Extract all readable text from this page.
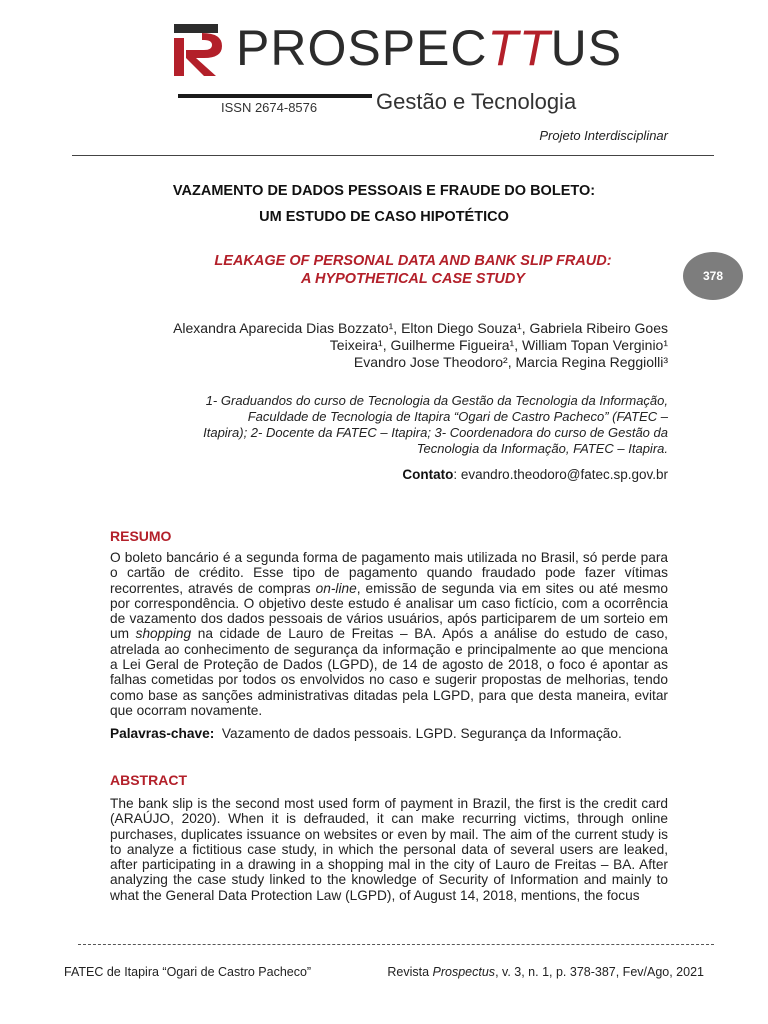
R
PROSPECTTUS
ISSN 2674-8576	Gestão e Tecnologia
Projeto Interdisciplinar
VAZAMENTO DE DADOS PESSOAIS E FRAUDE DO BOLETO:
UM ESTUDO DE CASO HIPOTÉTICO
LEAKAGE OF PERSONAL DATA AND BANK SLIP FRAUD:
A HYPOTHETICAL CASE STUDY	378
Alexandra Aparecida Dias Bozzato¹, Elton Diego Souza¹, Gabriela Ribeiro Goes
Teixeira¹, Guilherme Figueira¹, William Topan Verginio¹
Evandro Jose Theodoro², Marcia Regina Reggiolli³
1- Graduandos do curso de Tecnologia da Gestão da Tecnologia da Informação,
Faculdade de Tecnologia de Itapira “Ogari de Castro Pacheco” (FATEC –
Itapira); 2- Docente da FATEC – Itapira; 3- Coordenadora do curso de Gestão da
Tecnologia da Informação, FATEC – Itapira.
Contato: evandro.theodoro@fatec.sp.gov.br
RESUMO
O boleto bancário é a segunda forma de pagamento mais utilizada no Brasil, só perde para o cartão de crédito. Esse tipo de pagamento quando fraudado pode fazer vítimas recorrentes, através de compras on-line, emissão de segunda via em sites ou até mesmo por correspondência. O objetivo deste estudo é analisar um caso fictício, com a ocorrência de vazamento dos dados pessoais de vários usuários, após participarem de um sorteio em um shopping na cidade de Lauro de Freitas – BA. Após a análise do estudo de caso, atrelada ao conhecimento de segurança da informação e principalmente ao que menciona a Lei Geral de Proteção de Dados (LGPD), de 14 de agosto de 2018, o foco é apontar as falhas cometidas por todos os envolvidos no caso e sugerir propostas de melhorias, tendo como base as sanções administrativas ditadas pela LGPD, para que desta maneira, evitar que ocorram novamente.
Palavras-chave: Vazamento de dados pessoais. LGPD. Segurança da Informação.
ABSTRACT
The bank slip is the second most used form of payment in Brazil, the first is the credit card (ARAÚJO, 2020). When it is defrauded, it can make recurring victims, through online purchases, duplicates issuance on websites or even by mail. The aim of the current study is to analyze a fictitious case study, in which the personal data of several users are leaked, after participating in a drawing in a shopping mal in the city of Lauro de Freitas – BA. After analyzing the case study linked to the knowledge of Security of Information and mainly to what the General Data Protection Law (LGPD), of August 14, 2018, mentions, the focus
FATEC de Itapira “Ogari de Castro Pacheco”	Revista Prospectus, v. 3, n. 1, p. 378-387, Fev/Ago, 2021
